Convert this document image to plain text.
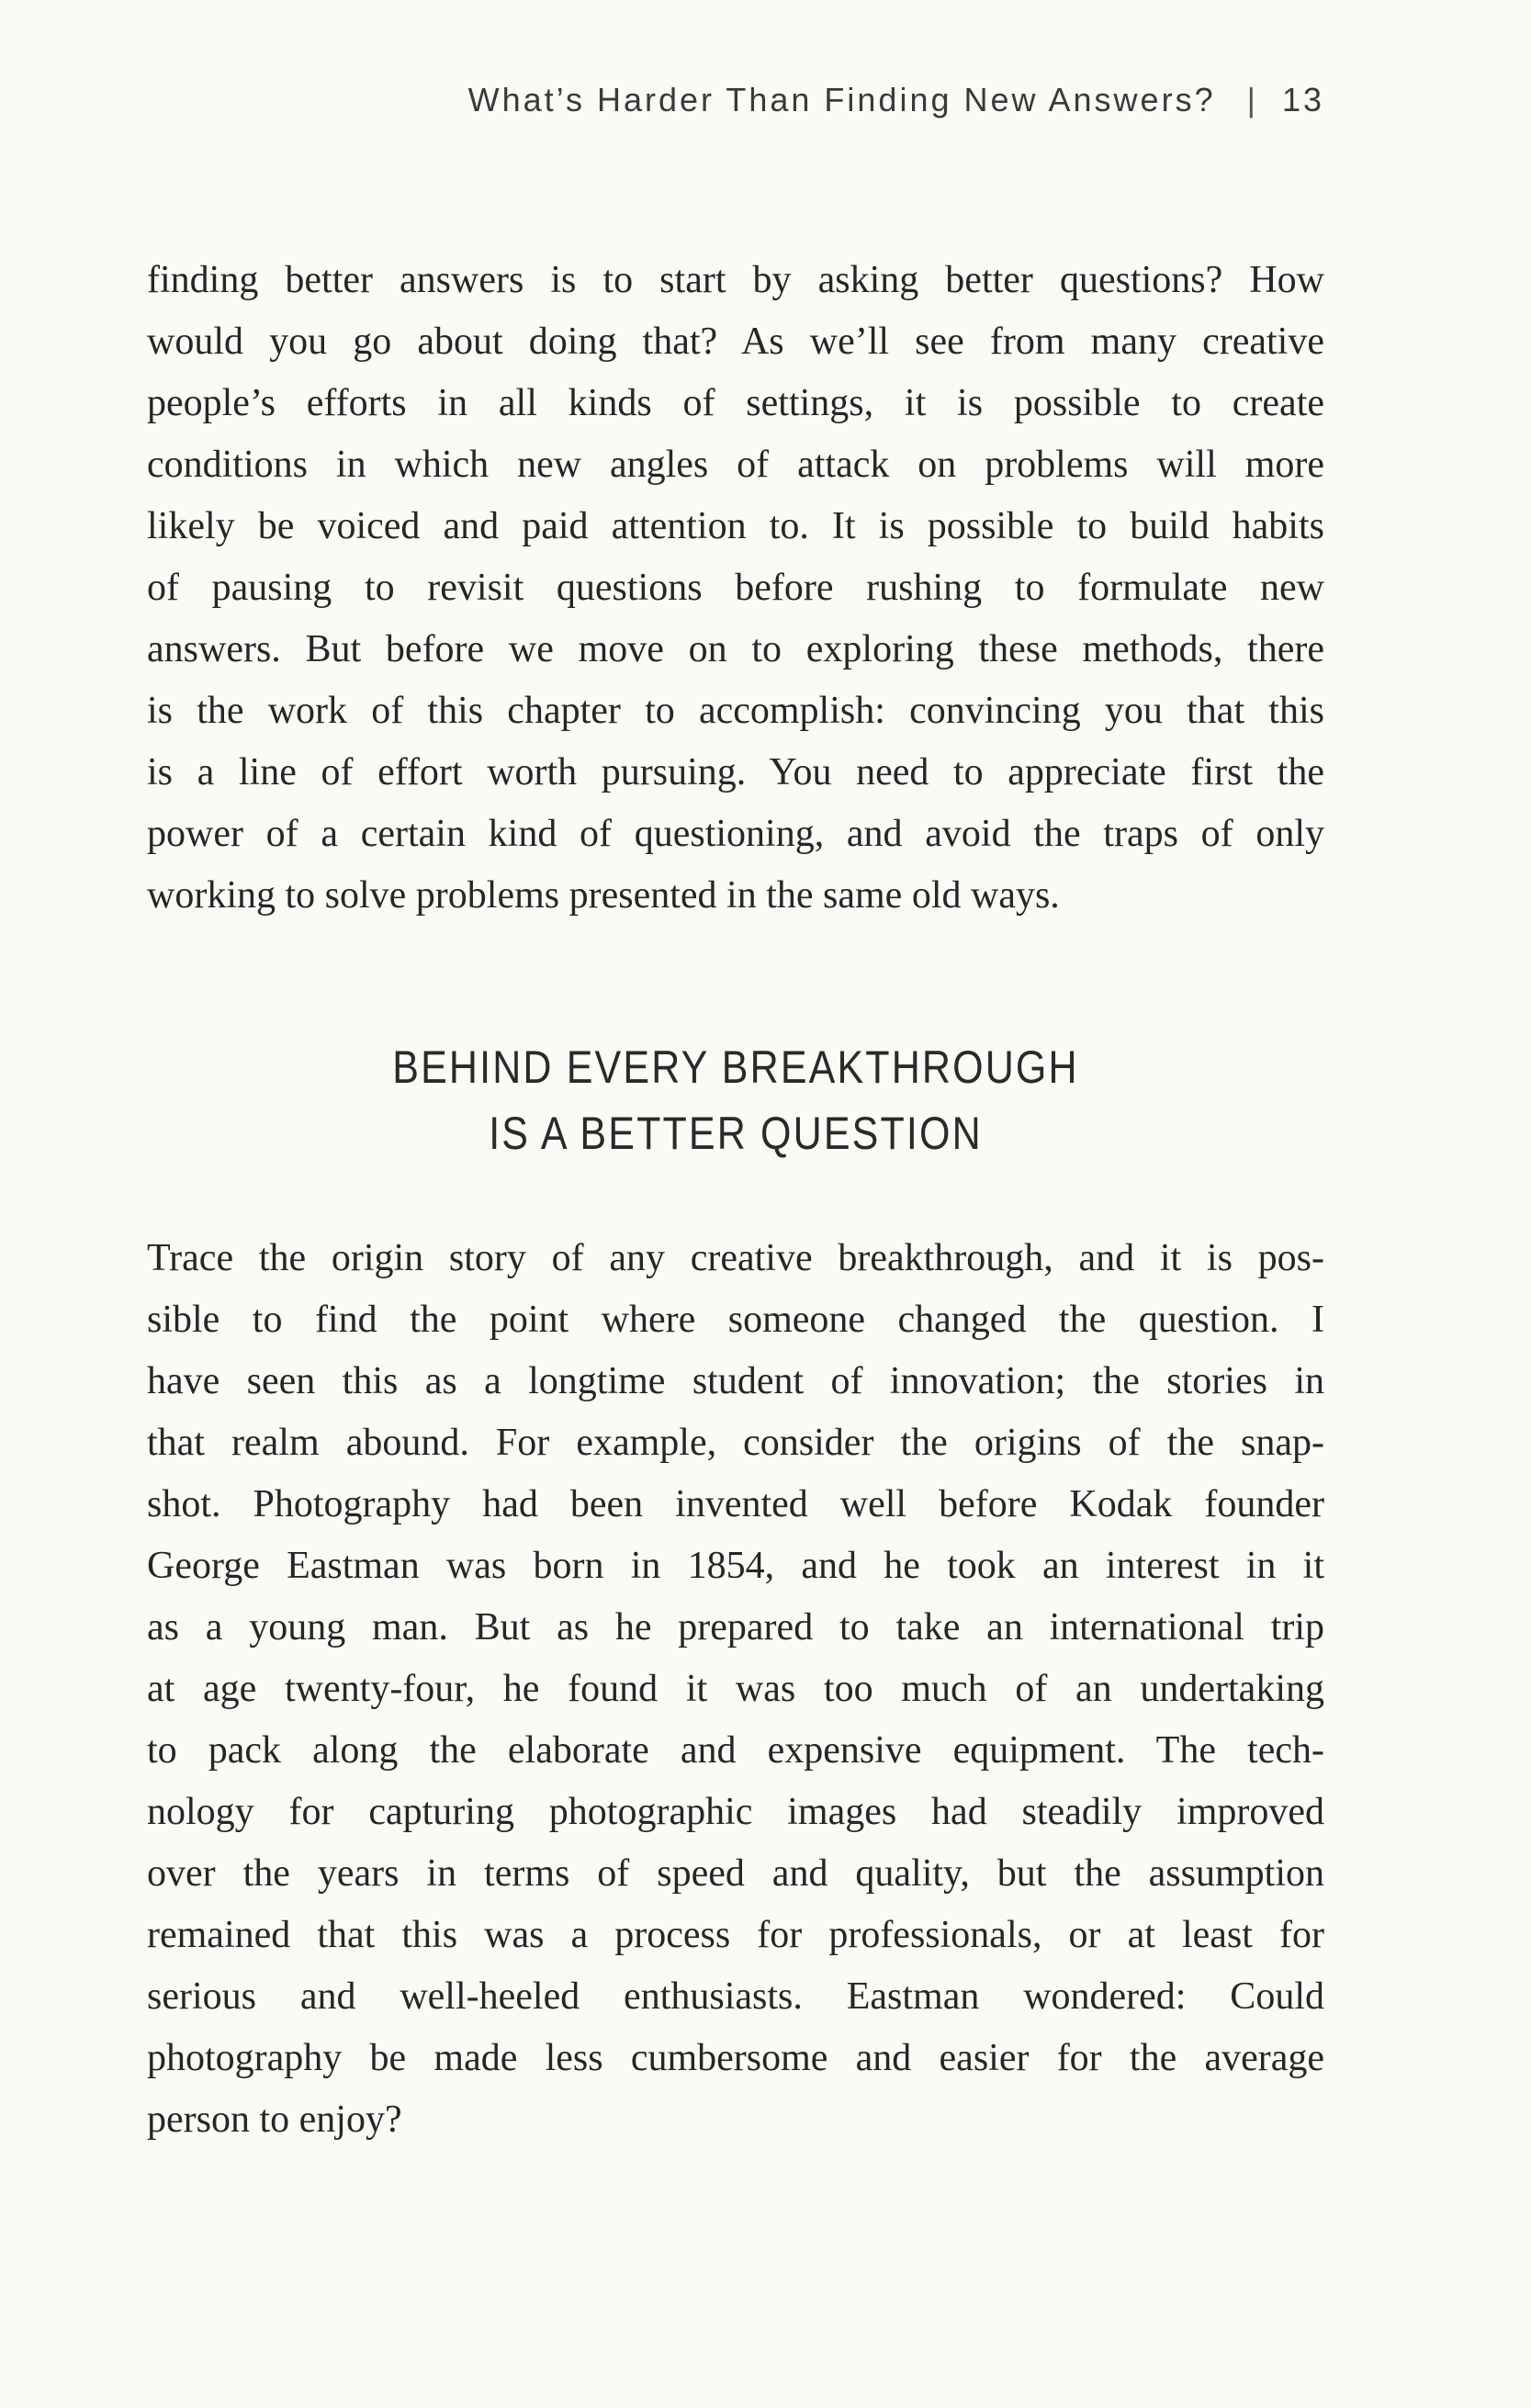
What’s Harder Than Finding New Answers? | 13
finding better answers is to start by asking better questions? How
would you go about doing that? As we’ll see from many creative
people’s efforts in all kinds of settings, it is possible to create
conditions in which new angles of attack on problems will more
likely be voiced and paid attention to. It is possible to build habits
of pausing to revisit questions before rushing to formulate new
answers. But before we move on to exploring these methods, there
is the work of this chapter to accomplish: convincing you that this
is a line of effort worth pursuing. You need to appreciate first the
power of a certain kind of questioning, and avoid the traps of only
working to solve problems presented in the same old ways.
BEHIND EVERY BREAKTHROUGH
IS A BETTER QUESTION
Trace the origin story of any creative breakthrough, and it is pos-
sible to find the point where someone changed the question. I
have seen this as a longtime student of innovation; the stories in
that realm abound. For example, consider the origins of the snap-
shot. Photography had been invented well before Kodak founder
George Eastman was born in 1854, and he took an interest in it
as a young man. But as he prepared to take an international trip
at age twenty-four, he found it was too much of an undertaking
to pack along the elaborate and expensive equipment. The tech-
nology for capturing photographic images had steadily improved
over the years in terms of speed and quality, but the assumption
remained that this was a process for professionals, or at least for
serious and well-heeled enthusiasts. Eastman wondered: Could
photography be made less cumbersome and easier for the average
person to enjoy?
